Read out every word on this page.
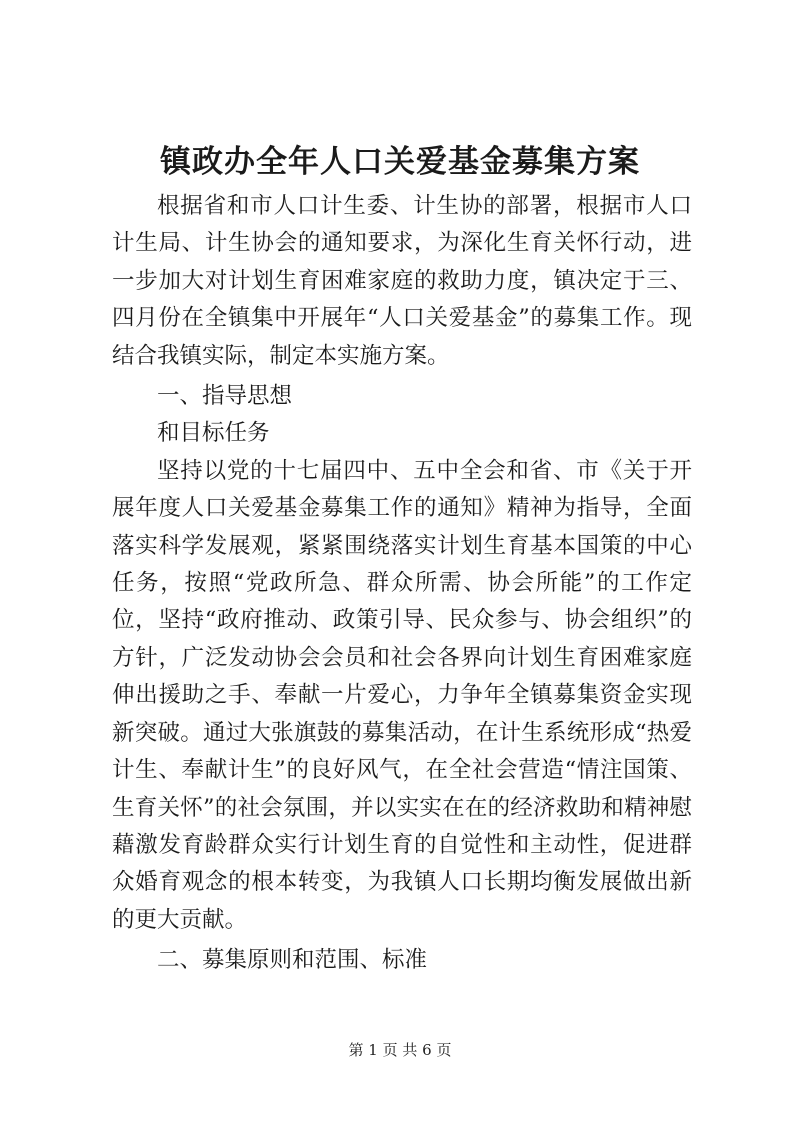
镇政办全年人口关爱基金募集方案

根据省和市人口计生委、计生协的部署，根据市人口计生局、计生协会的通知要求，为深化生育关怀行动，进一步加大对计划生育困难家庭的救助力度，镇决定于三、四月份在全镇集中开展年“人口关爱基金”的募集工作。现结合我镇实际，制定本实施方案。

一、指导思想

和目标任务

坚持以党的十七届四中、五中全会和省、市《关于开展年度人口关爱基金募集工作的通知》精神为指导，全面落实科学发展观，紧紧围绕落实计划生育基本国策的中心任务，按照“党政所急、群众所需、协会所能”的工作定位，坚持“政府推动、政策引导、民众参与、协会组织”的方针，广泛发动协会会员和社会各界向计划生育困难家庭伸出援助之手、奉献一片爱心，力争年全镇募集资金实现新突破。通过大张旗鼓的募集活动，在计生系统形成“热爱计生、奉献计生”的良好风气，在全社会营造“情注国策、生育关怀”的社会氛围，并以实实在在的经济救助和精神慰藉激发育龄群众实行计划生育的自觉性和主动性，促进群众婚育观念的根本转变，为我镇人口长期均衡发展做出新的更大贡献。

二、募集原则和范围、标准

第 1 页 共 6 页
